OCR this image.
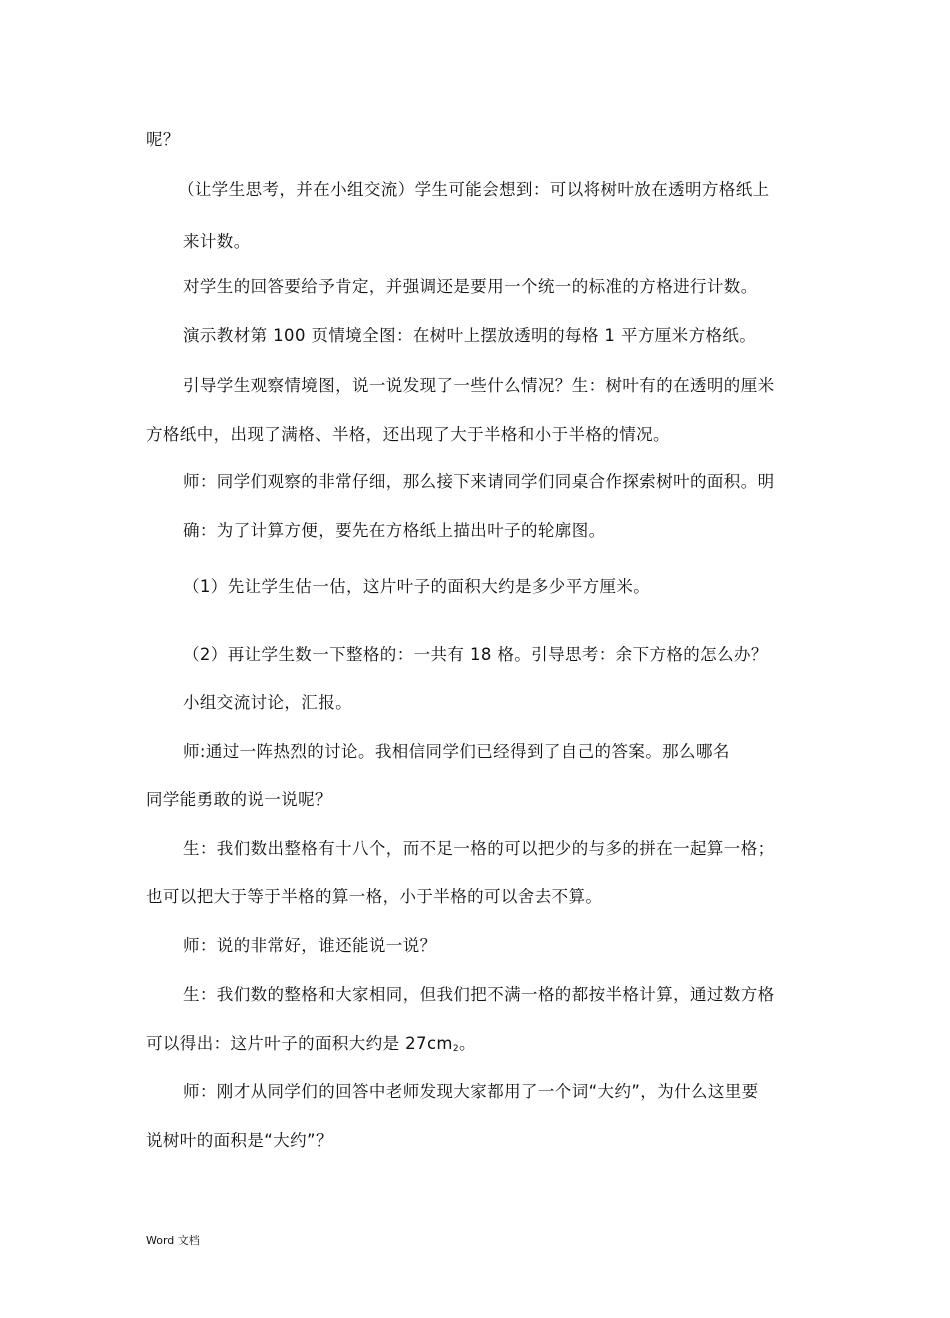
呢？
（让学生思考，并在小组交流）学生可能会想到：可以将树叶放在透明方格纸上
来计数。
对学生的回答要给予肯定，并强调还是要用一个统一的标准的方格进行计数。
演示教材第 100 页情境全图：在树叶上摆放透明的每格 1 平方厘米方格纸。
引导学生观察情境图，说一说发现了一些什么情况？生：树叶有的在透明的厘米
方格纸中，出现了满格、半格，还出现了大于半格和小于半格的情况。
师：同学们观察的非常仔细，那么接下来请同学们同桌合作探索树叶的面积。明
确：为了计算方便，要先在方格纸上描出叶子的轮廓图。
（1）先让学生估一估，这片叶子的面积大约是多少平方厘米。
（2）再让学生数一下整格的：一共有 18 格。引导思考：余下方格的怎么办？
小组交流讨论，汇报。
师:通过一阵热烈的讨论。我相信同学们已经得到了自己的答案。那么哪名
同学能勇敢的说一说呢？
生：我们数出整格有十八个，而不足一格的可以把少的与多的拼在一起算一格；
也可以把大于等于半格的算一格，小于半格的可以舍去不算。
师：说的非常好，谁还能说一说？
生：我们数的整格和大家相同，但我们把不满一格的都按半格计算，通过数方格
可以得出：这片叶子的面积大约是 $27cm_2$。
师：刚才从同学们的回答中老师发现大家都用了一个词“大约”，为什么这里要
说树叶的面积是“大约”？
Word 文档
